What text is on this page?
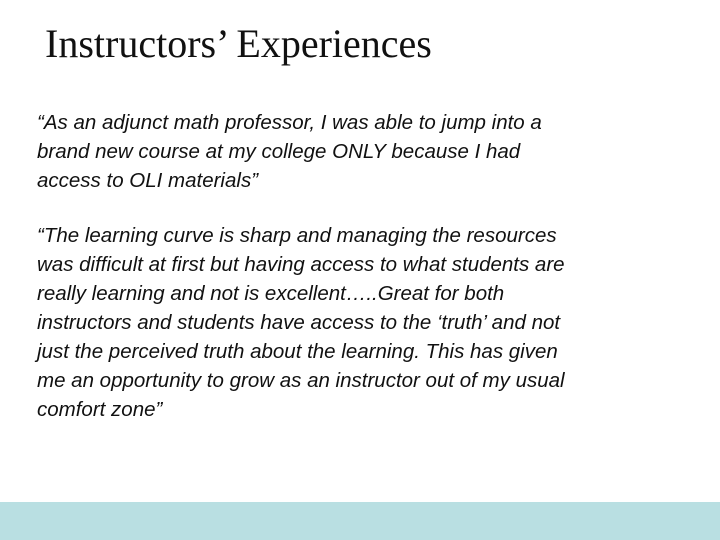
Instructors’ Experiences

“As an adjunct math professor, I was able to jump into a
brand new course at my college ONLY because I had
access to OLI materials”

“The learning curve is sharp and managing the resources
was difficult at first but having access to what students are
really learning and not is excellent…..Great for both
instructors and students have access to the ‘truth’ and not
just the perceived truth about the learning. This has given
me an opportunity to grow as an instructor out of my usual
comfort zone”
